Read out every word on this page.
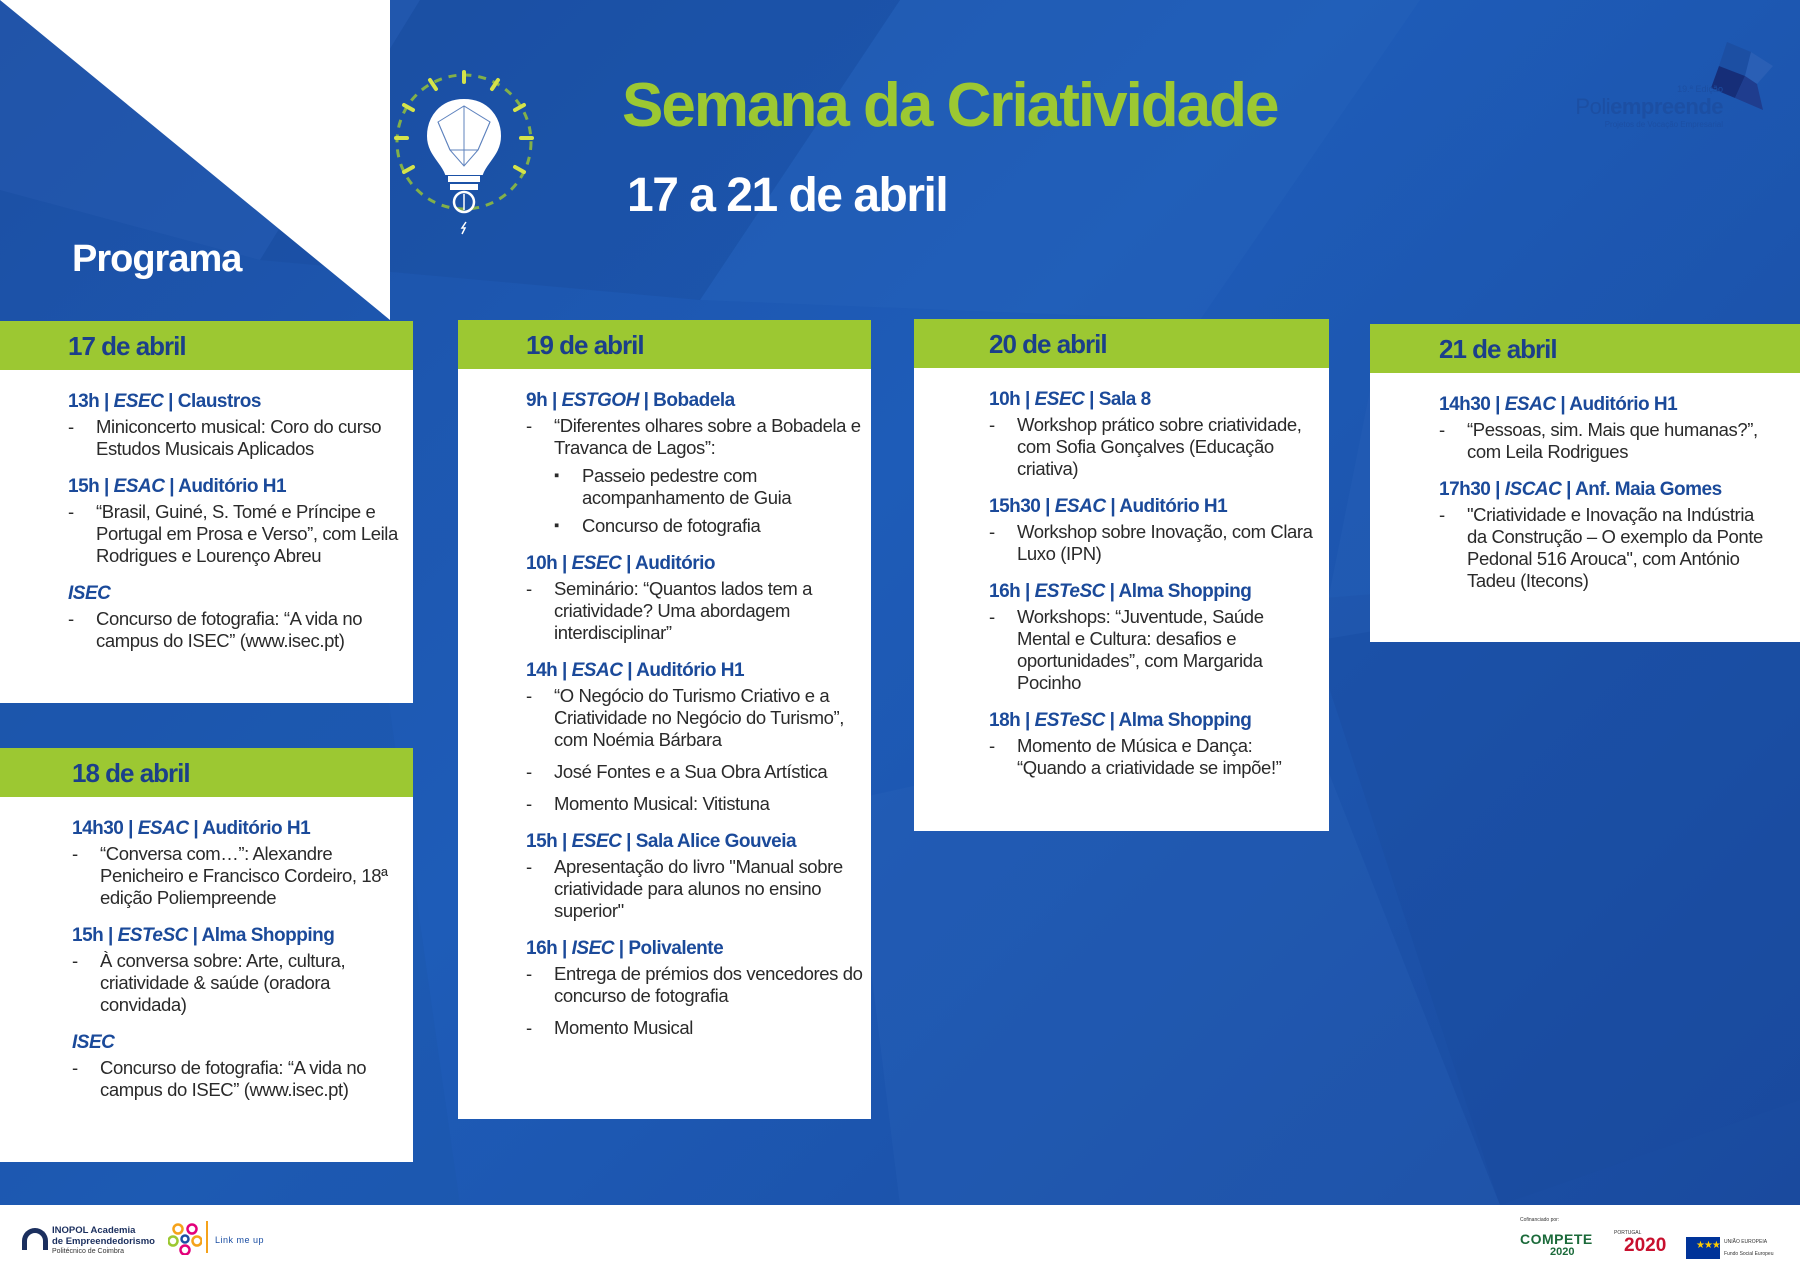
Semana da Criatividade
17 a 21 de abril
Programa
19.ª Edição
Poliempreende
Projetos de Vocação Empresarial
17 de abril
13h | ESEC | Claustros
- Miniconcerto musical: Coro do curso Estudos Musicais Aplicados
15h | ESAC | Auditório H1
- “Brasil, Guiné, S. Tomé e Príncipe e Portugal em Prosa e Verso”, com Leila Rodrigues e Lourenço Abreu
ISEC
- Concurso de fotografia: “A vida no campus do ISEC” (www.isec.pt)
18 de abril
14h30 | ESAC | Auditório H1
- “Conversa com…”: Alexandre Penicheiro e Francisco Cordeiro, 18ª edição Poliempreende
15h | ESTeSC | Alma Shopping
- À conversa sobre: Arte, cultura, criatividade & saúde (oradora convidada)
ISEC
- Concurso de fotografia: “A vida no campus do ISEC” (www.isec.pt)
19 de abril
9h | ESTGOH | Bobadela
- “Diferentes olhares sobre a Bobadela e Travanca de Lagos”:
▪ Passeio pedestre com acompanhamento de Guia
▪ Concurso de fotografia
10h | ESEC | Auditório
- Seminário: “Quantos lados tem a criatividade? Uma abordagem interdisciplinar”
14h | ESAC | Auditório H1
- “O Negócio do Turismo Criativo e a Criatividade no Negócio do Turismo”, com Noémia Bárbara
- José Fontes e a Sua Obra Artística
- Momento Musical: Vitistuna
15h | ESEC | Sala Alice Gouveia
- Apresentação do livro "Manual sobre criatividade para alunos no ensino superior"
16h | ISEC | Polivalente
- Entrega de prémios dos vencedores do concurso de fotografia
- Momento Musical
20 de abril
10h | ESEC | Sala 8
- Workshop prático sobre criatividade, com Sofia Gonçalves (Educação criativa)
15h30 | ESAC | Auditório H1
- Workshop sobre Inovação, com Clara Luxo (IPN)
16h | ESTeSC | Alma Shopping
- Workshops: “Juventude, Saúde Mental e Cultura: desafios e oportunidades”, com Margarida Pocinho
18h | ESTeSC | Alma Shopping
- Momento de Música e Dança: “Quando a criatividade se impõe!”
21 de abril
14h30 | ESAC | Auditório H1
- “Pessoas, sim. Mais que humanas?”, com Leila Rodrigues
17h30 | ISCAC | Anf. Maia Gomes
- "Criatividade e Inovação na Indústria da Construção – O exemplo da Ponte Pedonal 516 Arouca", com António Tadeu (Itecons)
INOPOL Academia
de Empreendedorismo
Politécnico de Coimbra
Link me up
Cofinanciado por:
COMPETE
2020
PORTUGAL
2020	★★★ UNIÃO EUROPEIA
Fundo Social Europeu
